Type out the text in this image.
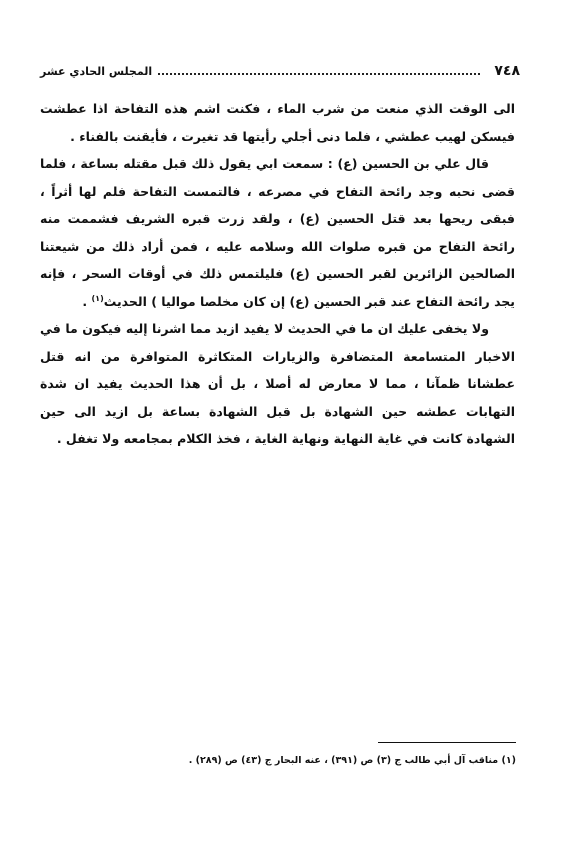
٧٤٨
المجلس الحادي عشر

الى الوقت الذي منعت من شرب الماء ، فكنت اشم هذه التفاحة اذا عطشت فيسكن لهيب عطشي ، فلما دنى أجلي رأيتها قد تغيرت ، فأيقنت بالفناء .

قال علي بن الحسين (ع) : سمعت ابي يقول ذلك قبل مقتله بساعة ، فلما قضى نحبه وجد رائحة التفاح في مصرعه ، فالتمست التفاحة فلم لها أثراً ، فبقى ريحها بعد قتل الحسين (ع) ، ولقد زرت قبره الشريف فشممت منه رائحة التفاح من قبره صلوات الله وسلامه عليه ، فمن أراد ذلك من شيعتنا الصالحين الزائرين لقبر الحسين (ع) فليلتمس ذلك في أوقات السحر ، فإنه يجد رائحة التفاح عند قبر الحسين (ع) إن كان مخلصا مواليا ) الحديث$^{(١)}$ .

ولا يخفى عليك ان ما في الحديث لا يفيد ازيد مما اشرنا إليه فيكون ما في الاخبار المتسامعة المتضافرة والزيارات المتكاثرة المتوافرة من انه قتل عطشانا ظمآنا ، مما لا معارض له أصلا ، بل أن هذا الحديث يفيد ان شدة التهابات عطشه حين الشهادة بل قبل الشهادة بساعة بل ازيد الى حين الشهادة كانت في غاية النهاية ونهاية الغاية ، فخذ الكلام بمجامعه ولا تغفل .

(١) مناقب آل أبي طالب ج (٣) ص (٣٩١) ، عنه البحار ج (٤٣) ص (٢٨٩) .
